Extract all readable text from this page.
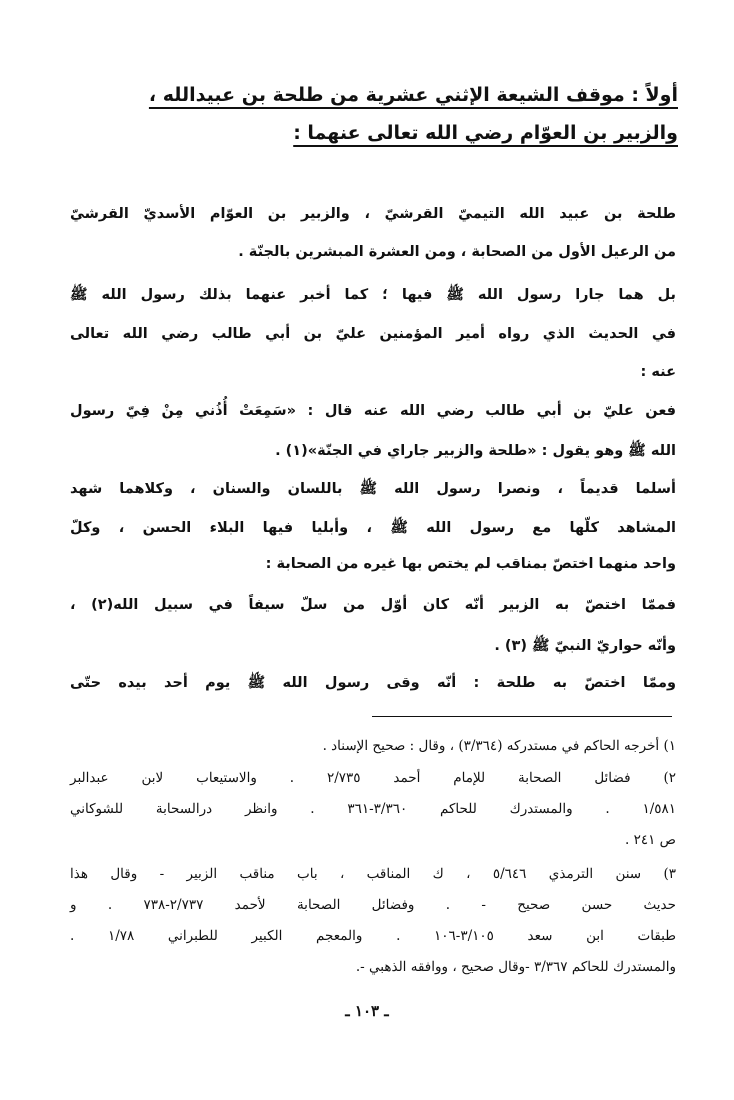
أولاً : موقف الشيعة الإثني عشرية من طلحة بن عبيدالله ،
والزبير بن العوّام رضي الله تعالى عنهما :
طلحة بن عبيد الله التيميّ القرشيّ ، والزبير بن العوّام الأسديّ القرشيّ
من الرعيل الأول من الصحابة ، ومن العشرة المبشرين بالجنّة .
بل هما جارا رسول الله ﷺ فيها ؛ كما أخبر عنهما بذلك رسول الله ﷺ
في الحديث الذي رواه أمير المؤمنين عليّ بن أبي طالب رضي الله تعالى
عنه :
فعن عليّ بن أبي طالب رضي الله عنه قال : «سَمِعَتْ أُذُني مِنْ فِيّ رسول
الله ﷺ وهو يقول : «طلحة والزبير جاراي في الجنّة»(١) .
أسلما قديماً ، ونصرا رسول الله ﷺ باللسان والسنان ، وكلاهما شهد
المشاهد كلّها مع رسول الله ﷺ ، وأبليا فيها البلاء الحسن ، وكلّ
واحد منهما اختصّ بمناقب لم يختص بها غيره من الصحابة :
فممّا اختصّ به الزبير أنّه كان أوّل من سلّ سيفاً في سبيل الله(٢) ،
وأنّه حواريّ النبيّ ﷺ (٣) .
وممّا اختصّ به طلحة : أنّه وقى رسول الله ﷺ يوم أحد بيده حتّى
١) أخرجه الحاكم في مستدركه (٣/٣٦٤) ، وقال : صحيح الإسناد .
٢) فضائل الصحابة للإمام أحمد ٢/٧٣٥ . والاستيعاب لابن عبدالبر
١/٥٨١ . والمستدرك للحاكم ٣/٣٦٠-٣٦١ . وانظر درالسحابة للشوكاني
ص ٢٤١ .
٣) سنن الترمذي ٥/٦٤٦ ، ك المناقب ، باب مناقب الزبير - وقال هذا
حديث حسن صحيح - . وفضائل الصحابة لأحمد ٢/٧٣٧-٧٣٨ . و
طبقات ابن سعد ٣/١٠٥-١٠٦ . والمعجم الكبير للطبراني ١/٧٨ .
والمستدرك للحاكم ٣/٣٦٧ -وقال صحيح ، ووافقه الذهبي -.
ـ ١٠٣ ـ
